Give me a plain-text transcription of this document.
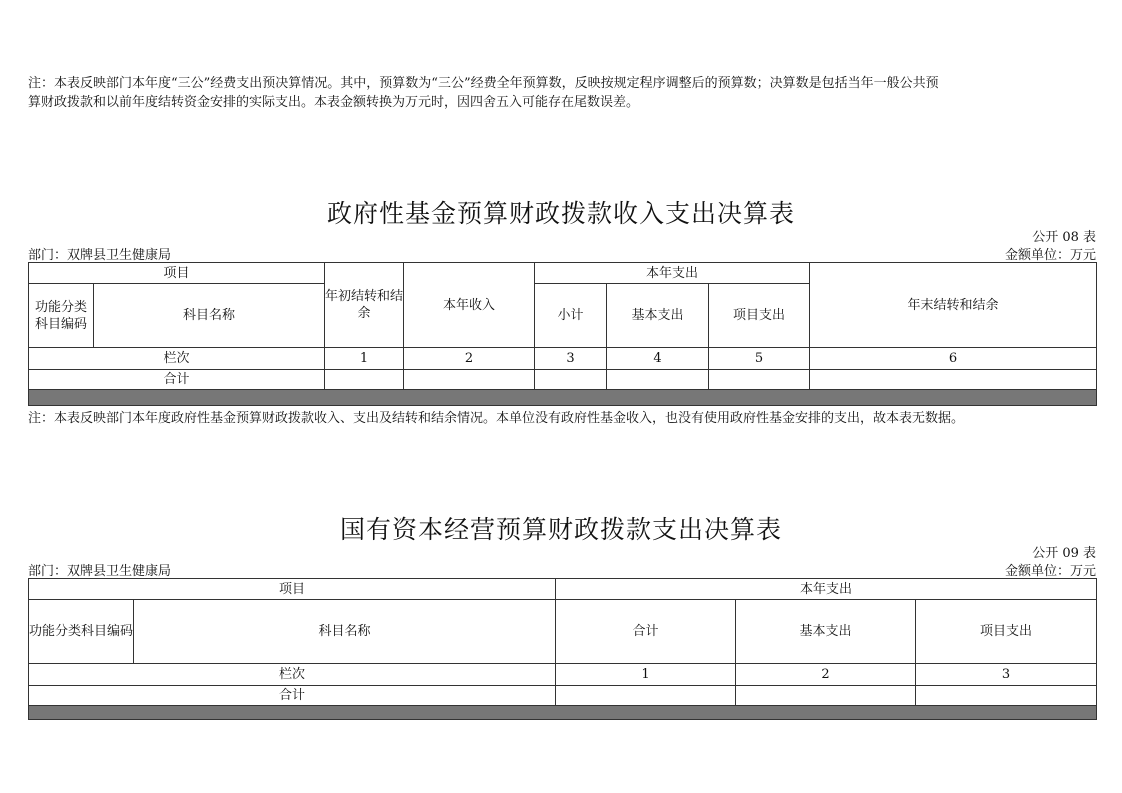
注：本表反映部门本年度“三公”经费支出预决算情况。其中，预算数为“三公”经费全年预算数，反映按规定程序调整后的预算数；决算数是包括当年一般公共预
算财政拨款和以前年度结转资金安排的实际支出。本表金额转换为万元时，因四舍五入可能存在尾数误差。
政府性基金预算财政拨款收入支出决算表
公开 08 表
部门：双牌县卫生健康局	金额单位：万元
项目		年初结转和结余	本年收入	本年支出			年末结转和结余
功能分类科目编码	科目名称			小计	基本支出	项目支出	
栏次		1	2	3	4	5	6
合计							

注：本表反映部门本年度政府性基金预算财政拨款收入、支出及结转和结余情况。本单位没有政府性基金收入，也没有使用政府性基金安排的支出，故本表无数据。
国有资本经营预算财政拨款支出决算表
公开 09 表
部门：双牌县卫生健康局	金额单位：万元
项目		本年支出		
功能分类科目编码	科目名称	合计	基本支出	项目支出
栏次		1	2	3
合计				
